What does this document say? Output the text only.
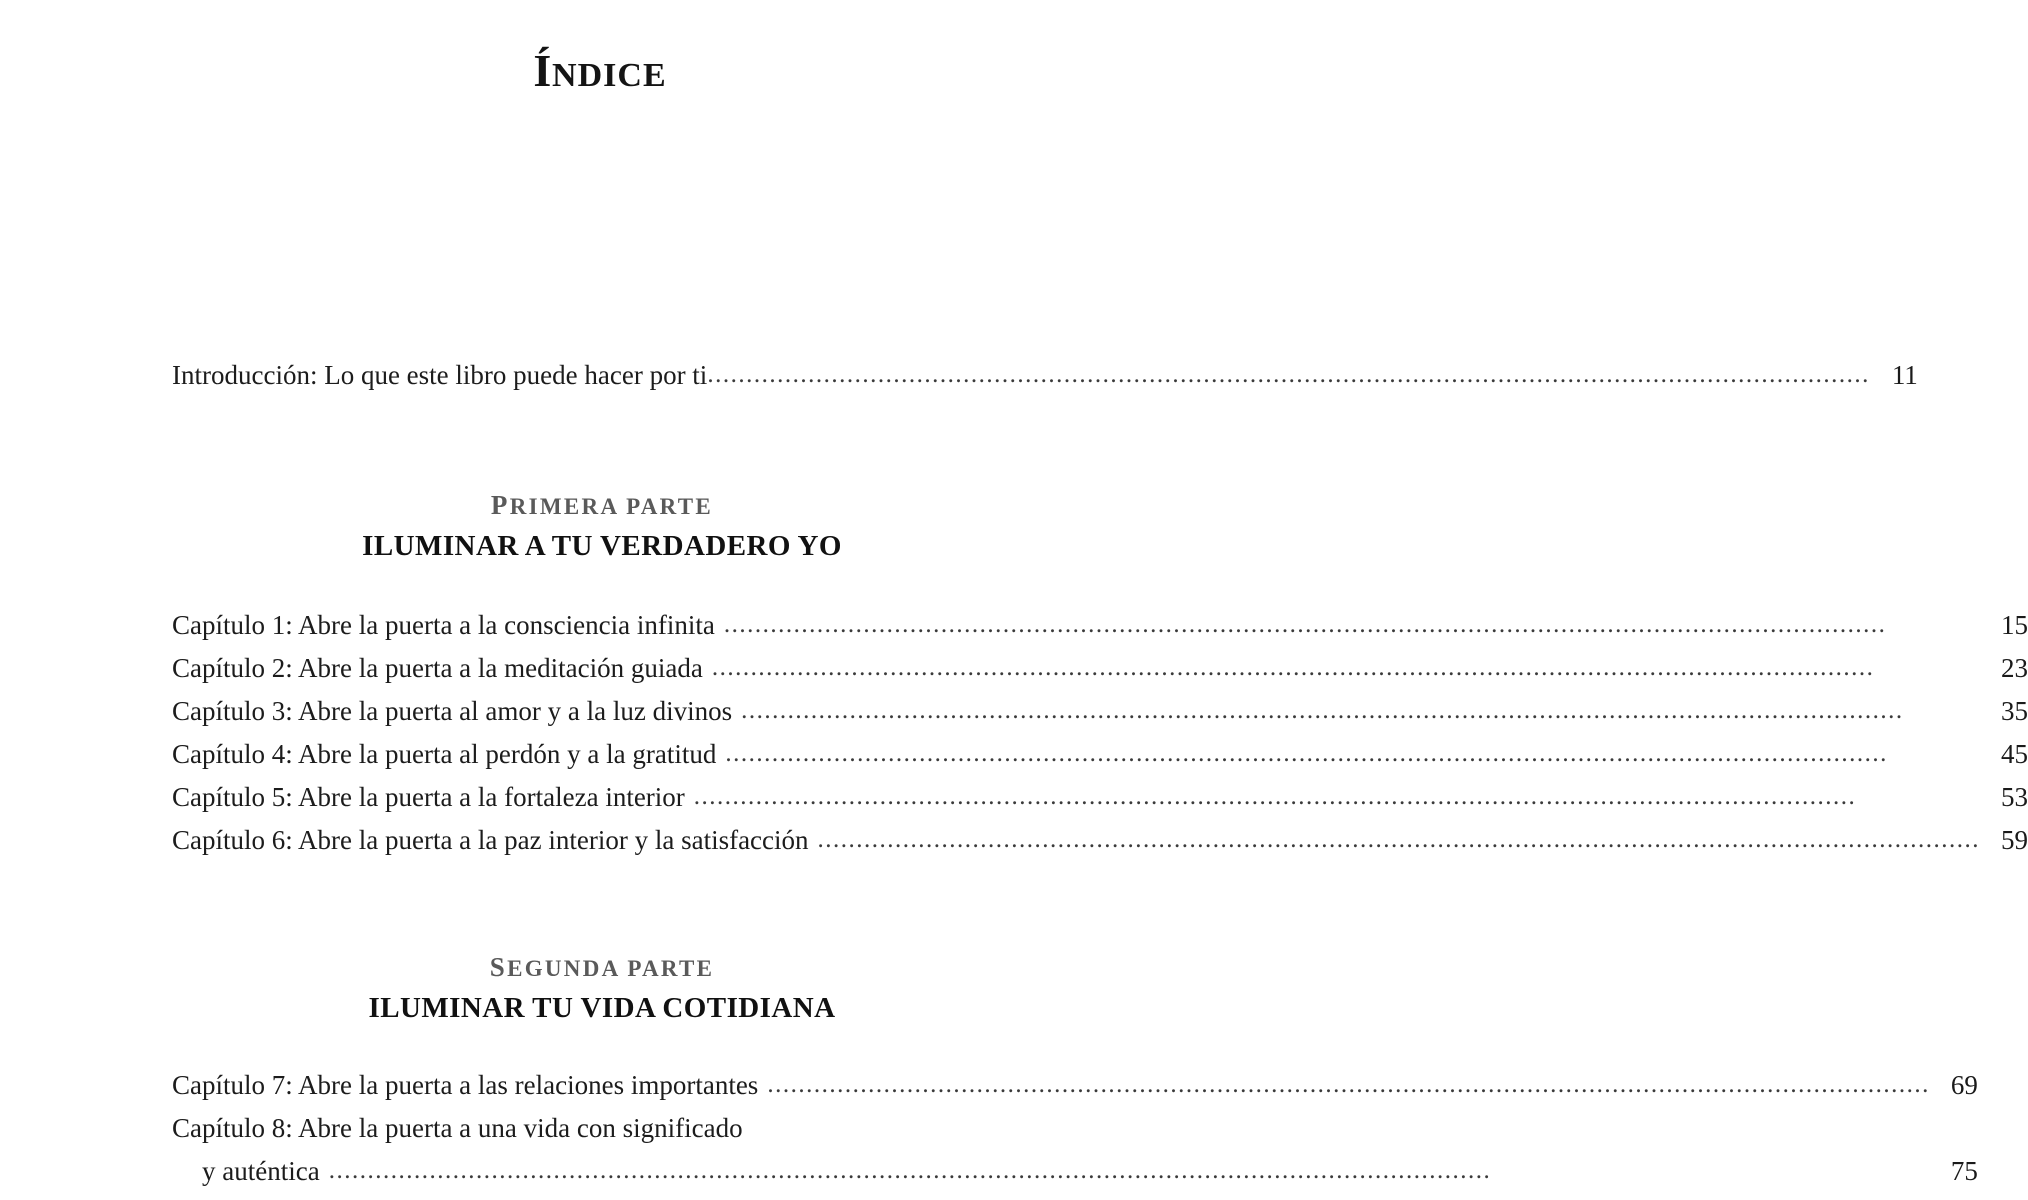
ÍNDICE
Introducción: Lo que este libro puede hacer por ti .....	11
PRIMERA PARTE
ILUMINAR A TU VERDADERO YO
Capítulo 1: Abre la puerta a la consciencia infinita .....	15
Capítulo 2: Abre la puerta a la meditación guiada .....	23
Capítulo 3: Abre la puerta al amor y a la luz divinos .....	35
Capítulo 4: Abre la puerta al perdón y a la gratitud .....	45
Capítulo 5: Abre la puerta a la fortaleza interior .....	53
Capítulo 6: Abre la puerta a la paz interior y la satisfacción .....	59
SEGUNDA PARTE
ILUMINAR TU VIDA COTIDIANA
Capítulo 7: Abre la puerta a las relaciones importantes .....	69
Capítulo 8: Abre la puerta a una vida con significado
y auténtica .....	75
